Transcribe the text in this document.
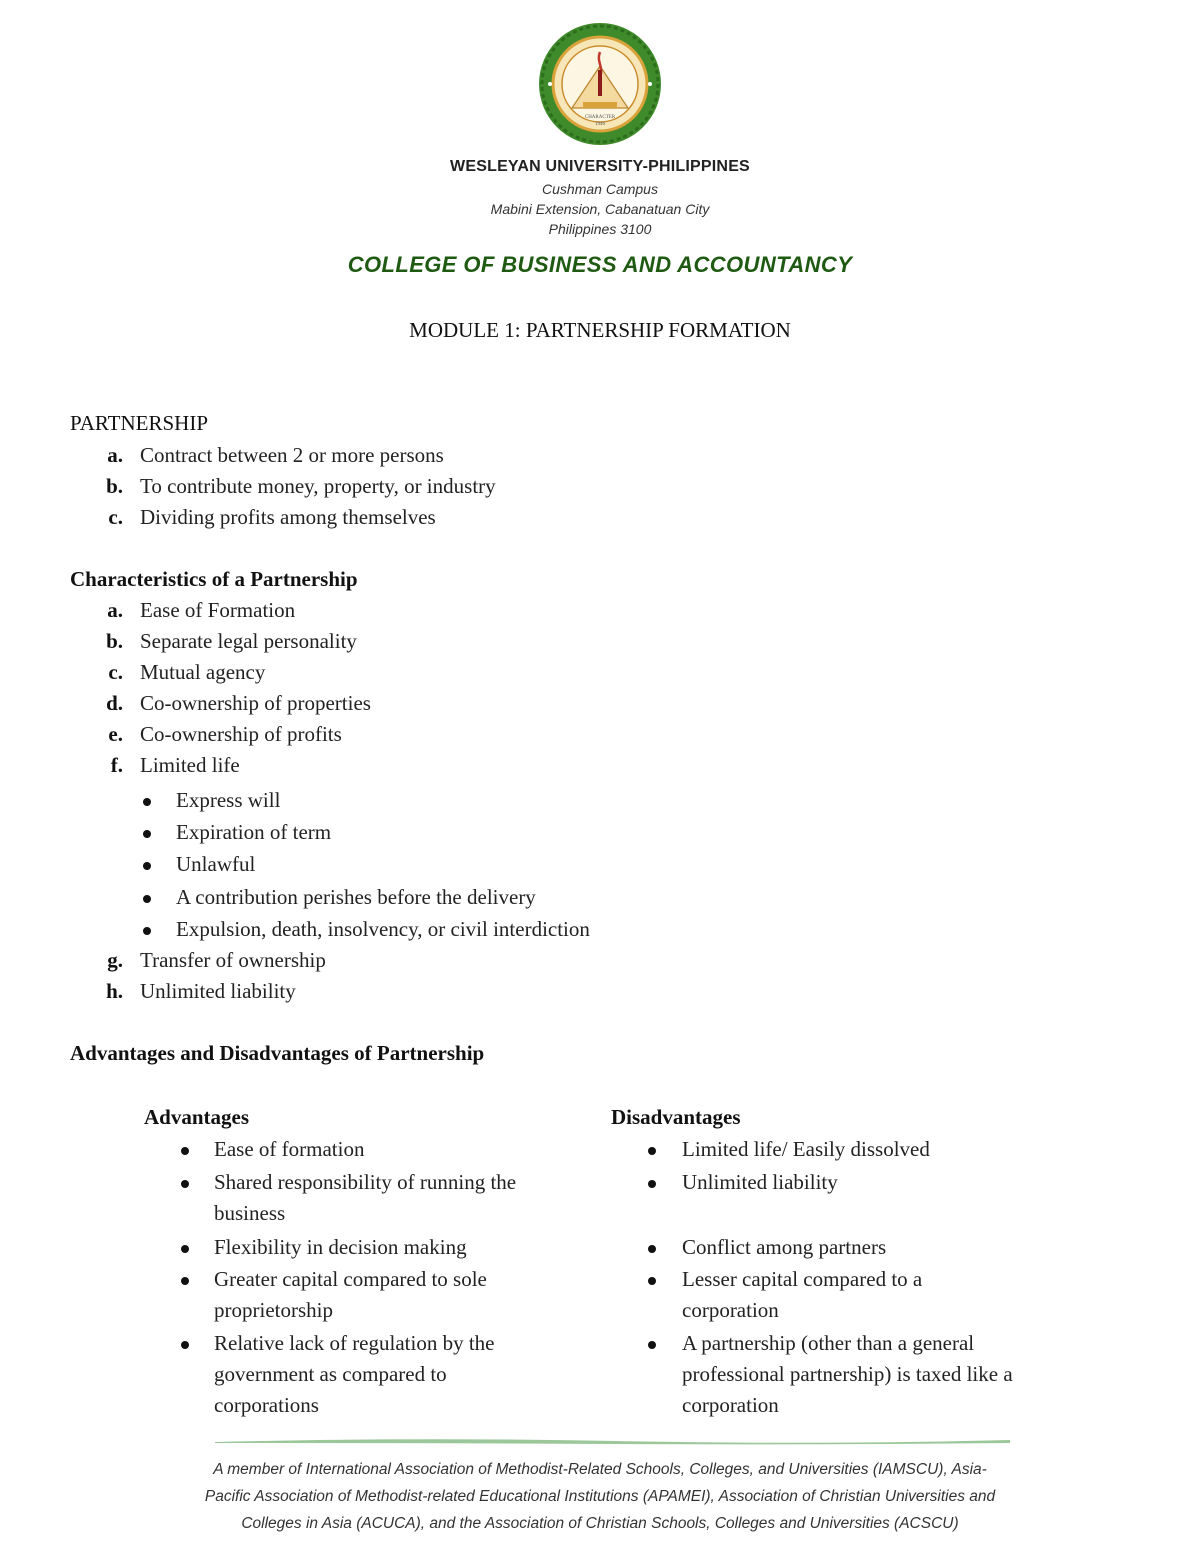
CHARACTER
1946
WESLEYAN UNIVERSITY-PHILIPPINES
Cushman Campus
Mabini Extension, Cabanatuan City
Philippines 3100
COLLEGE OF BUSINESS AND ACCOUNTANCY
MODULE 1: PARTNERSHIP FORMATION
PARTNERSHIP
a. Contract between 2 or more persons
b. To contribute money, property, or industry
c. Dividing profits among themselves
Characteristics of a Partnership
a. Ease of Formation
b. Separate legal personality
c. Mutual agency
d. Co-ownership of properties
e. Co-ownership of profits
f. Limited life
Express will
Expiration of term
Unlawful
A contribution perishes before the delivery
Expulsion, death, insolvency, or civil interdiction
g. Transfer of ownership
h. Unlimited liability
Advantages and Disadvantages of Partnership
Advantages	Disadvantages
Ease of formation
Shared responsibility of running the
business
Flexibility in decision making
Greater capital compared to sole
proprietorship
Relative lack of regulation by the
government as compared to
corporations
Limited life/ Easily dissolved
Unlimited liability
Conflict among partners
Lesser capital compared to a
corporation
A partnership (other than a general
professional partnership) is taxed like a
corporation
A member of International Association of Methodist-Related Schools, Colleges, and Universities (IAMSCU), Asia-
Pacific Association of Methodist-related Educational Institutions (APAMEI), Association of Christian Universities and
Colleges in Asia (ACUCA), and the Association of Christian Schools, Colleges and Universities (ACSCU)
